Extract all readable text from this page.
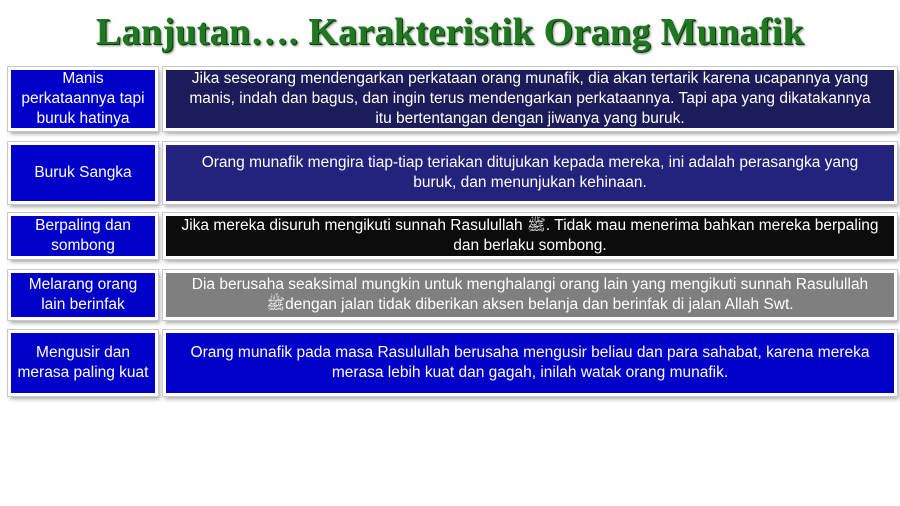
Lanjutan…. Karakteristik Orang Munafik
Manis perkataannya tapi buruk hatinya
Jika seseorang mendengarkan perkataan orang munafik, dia akan tertarik karena ucapannya yang manis, indah dan bagus, dan ingin terus mendengarkan perkataannya. Tapi apa yang dikatakannya itu bertentangan dengan jiwanya yang buruk.
Buruk Sangka
Orang munafik mengira tiap-tiap teriakan ditujukan kepada mereka, ini adalah perasangka yang buruk, dan menunjukan kehinaan.
Berpaling dan sombong
Jika mereka disuruh mengikuti sunnah Rasulullah ﷺ. Tidak mau menerima bahkan mereka berpaling dan berlaku sombong.
Melarang orang lain berinfak
Dia berusaha seaksimal mungkin untuk menghalangi orang lain yang mengikuti sunnah Rasulullah ﷺdengan jalan tidak diberikan aksen belanja dan berinfak di jalan Allah Swt.
Mengusir dan merasa paling kuat
Orang munafik pada masa Rasulullah berusaha mengusir beliau dan para sahabat, karena mereka merasa lebih kuat dan gagah, inilah watak orang munafik.
